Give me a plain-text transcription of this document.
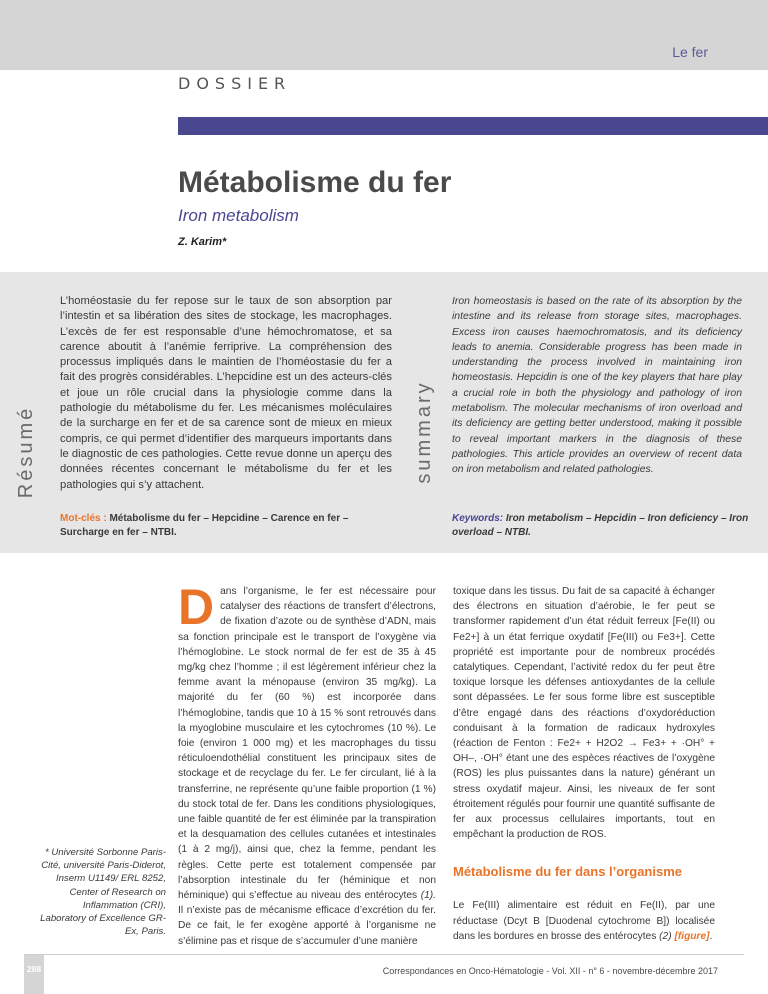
Le fer
DOSSIER
Métabolisme du fer
Iron metabolism
Z. Karim*
Résumé	summary
L’homéostasie du fer repose sur le taux de son absorption par l’intestin et sa libération des sites de stockage, les macrophages. L’excès de fer est responsable d’une hémochromatose, et sa carence aboutit à l’anémie ferriprive. La compréhension des processus impliqués dans le maintien de l’homéostasie du fer a fait des progrès considérables. L’hepcidine est un des acteurs-clés et joue un rôle crucial dans la physiologie comme dans la pathologie du métabolisme du fer. Les mécanismes moléculaires de la surcharge en fer et de sa carence sont de mieux en mieux compris, ce qui permet d’identifier des marqueurs importants dans le diagnostic de ces pathologies. Cette revue donne un aperçu des données récentes concernant le métabolisme du fer et les pathologies qui s’y attachent.
Iron homeostasis is based on the rate of its absorption by the intestine and its release from storage sites, macrophages. Excess iron causes haemochromatosis, and its deficiency leads to anemia. Considerable progress has been made in understanding the process involved in maintaining iron homeostasis. Hepcidin is one of the key players that hare play a crucial role in both the physiology and pathology of iron metabolism. The molecular mechanisms of iron overload and its deficiency are getting better understood, making it possible to reveal important markers in the diagnosis of these pathologies. This article provides an overview of recent data on iron metabolism and related pathologies.
Mot-clés : Métabolisme du fer – Hepcidine – Carence en fer – Surcharge en fer – NTBI.
Keywords: Iron metabolism – Hepcidin – Iron deficiency – Iron overload – NTBI.
D ans l’organisme, le fer est nécessaire pour catalyser des réactions de transfert d’électrons, de fixation d’azote ou de synthèse d’ADN, mais sa fonction principale est le transport de l’oxygène via l’hémoglobine. Le stock normal de fer est de 35 à 45 mg/kg chez l’homme ; il est légèrement inférieur chez la femme avant la ménopause (environ 35 mg/kg). La majorité du fer (60 %) est incorporée dans l’hémoglobine, tandis que 10 à 15 % sont retrouvés dans la myoglobine musculaire et les cytochromes (10 %). Le foie (environ 1 000 mg) et les macrophages du tissu réticuloendothélial constituent les principaux sites de stockage et de recyclage du fer. Le fer circulant, lié à la transferrine, ne représente qu’une faible proportion (1 %) du stock total de fer. Dans les conditions physiologiques, une faible quantité de fer est éliminée par la transpiration et la desquamation des cellules cutanées et intestinales (1 à 2 mg/j), ainsi que, chez la femme, pendant les règles. Cette perte est totalement compensée par l’absorption intestinale du fer (héminique et non héminique) qui s’effectue au niveau des entérocytes (1). Il n’existe pas de mécanisme efficace d’excrétion du fer. De ce fait, le fer exogène apporté à l’organisme ne s’élimine pas et risque de s’accumuler d’une manière

toxique dans les tissus. Du fait de sa capacité à échanger des électrons en situation d’aérobie, le fer peut se transformer rapidement d’un état réduit ferreux [Fe(II) ou Fe2+] à un état ferrique oxydatif [Fe(III) ou Fe3+]. Cette propriété est importante pour de nombreux procédés catalytiques. Cependant, l’activité redox du fer peut être toxique lorsque les défenses antioxydantes de la cellule sont dépassées. Le fer sous forme libre est susceptible d’être engagé dans des réactions d’oxydoréduction conduisant à la formation de radicaux hydroxyles (réaction de Fenton : Fe2+ + H2O2 → Fe3+ + ·OH° + OH–, ·OH° étant une des espèces réactives de l’oxygène (ROS) les plus puissantes dans la nature) générant un stress oxydatif majeur. Ainsi, les niveaux de fer sont étroitement régulés pour fournir une quantité suffisante de fer aux processus cellulaires importants, tout en empêchant la production de ROS.

Métabolisme du fer dans l’organisme

Le Fe(III) alimentaire est réduit en Fe(II), par une réductase (Dcyt B [Duodenal cytochrome B]) localisée dans les bordures en brosse des entérocytes (2) [figure].

* Université Sorbonne Paris-Cité, université Paris-Diderot, Inserm U1149/ ERL 8252, Center of Research on Inflammation (CRI), Laboratory of Excellence GR-Ex, Paris.
288	Correspondances en Onco-Hématologie - Vol. XII - n° 6 - novembre-décembre 2017
